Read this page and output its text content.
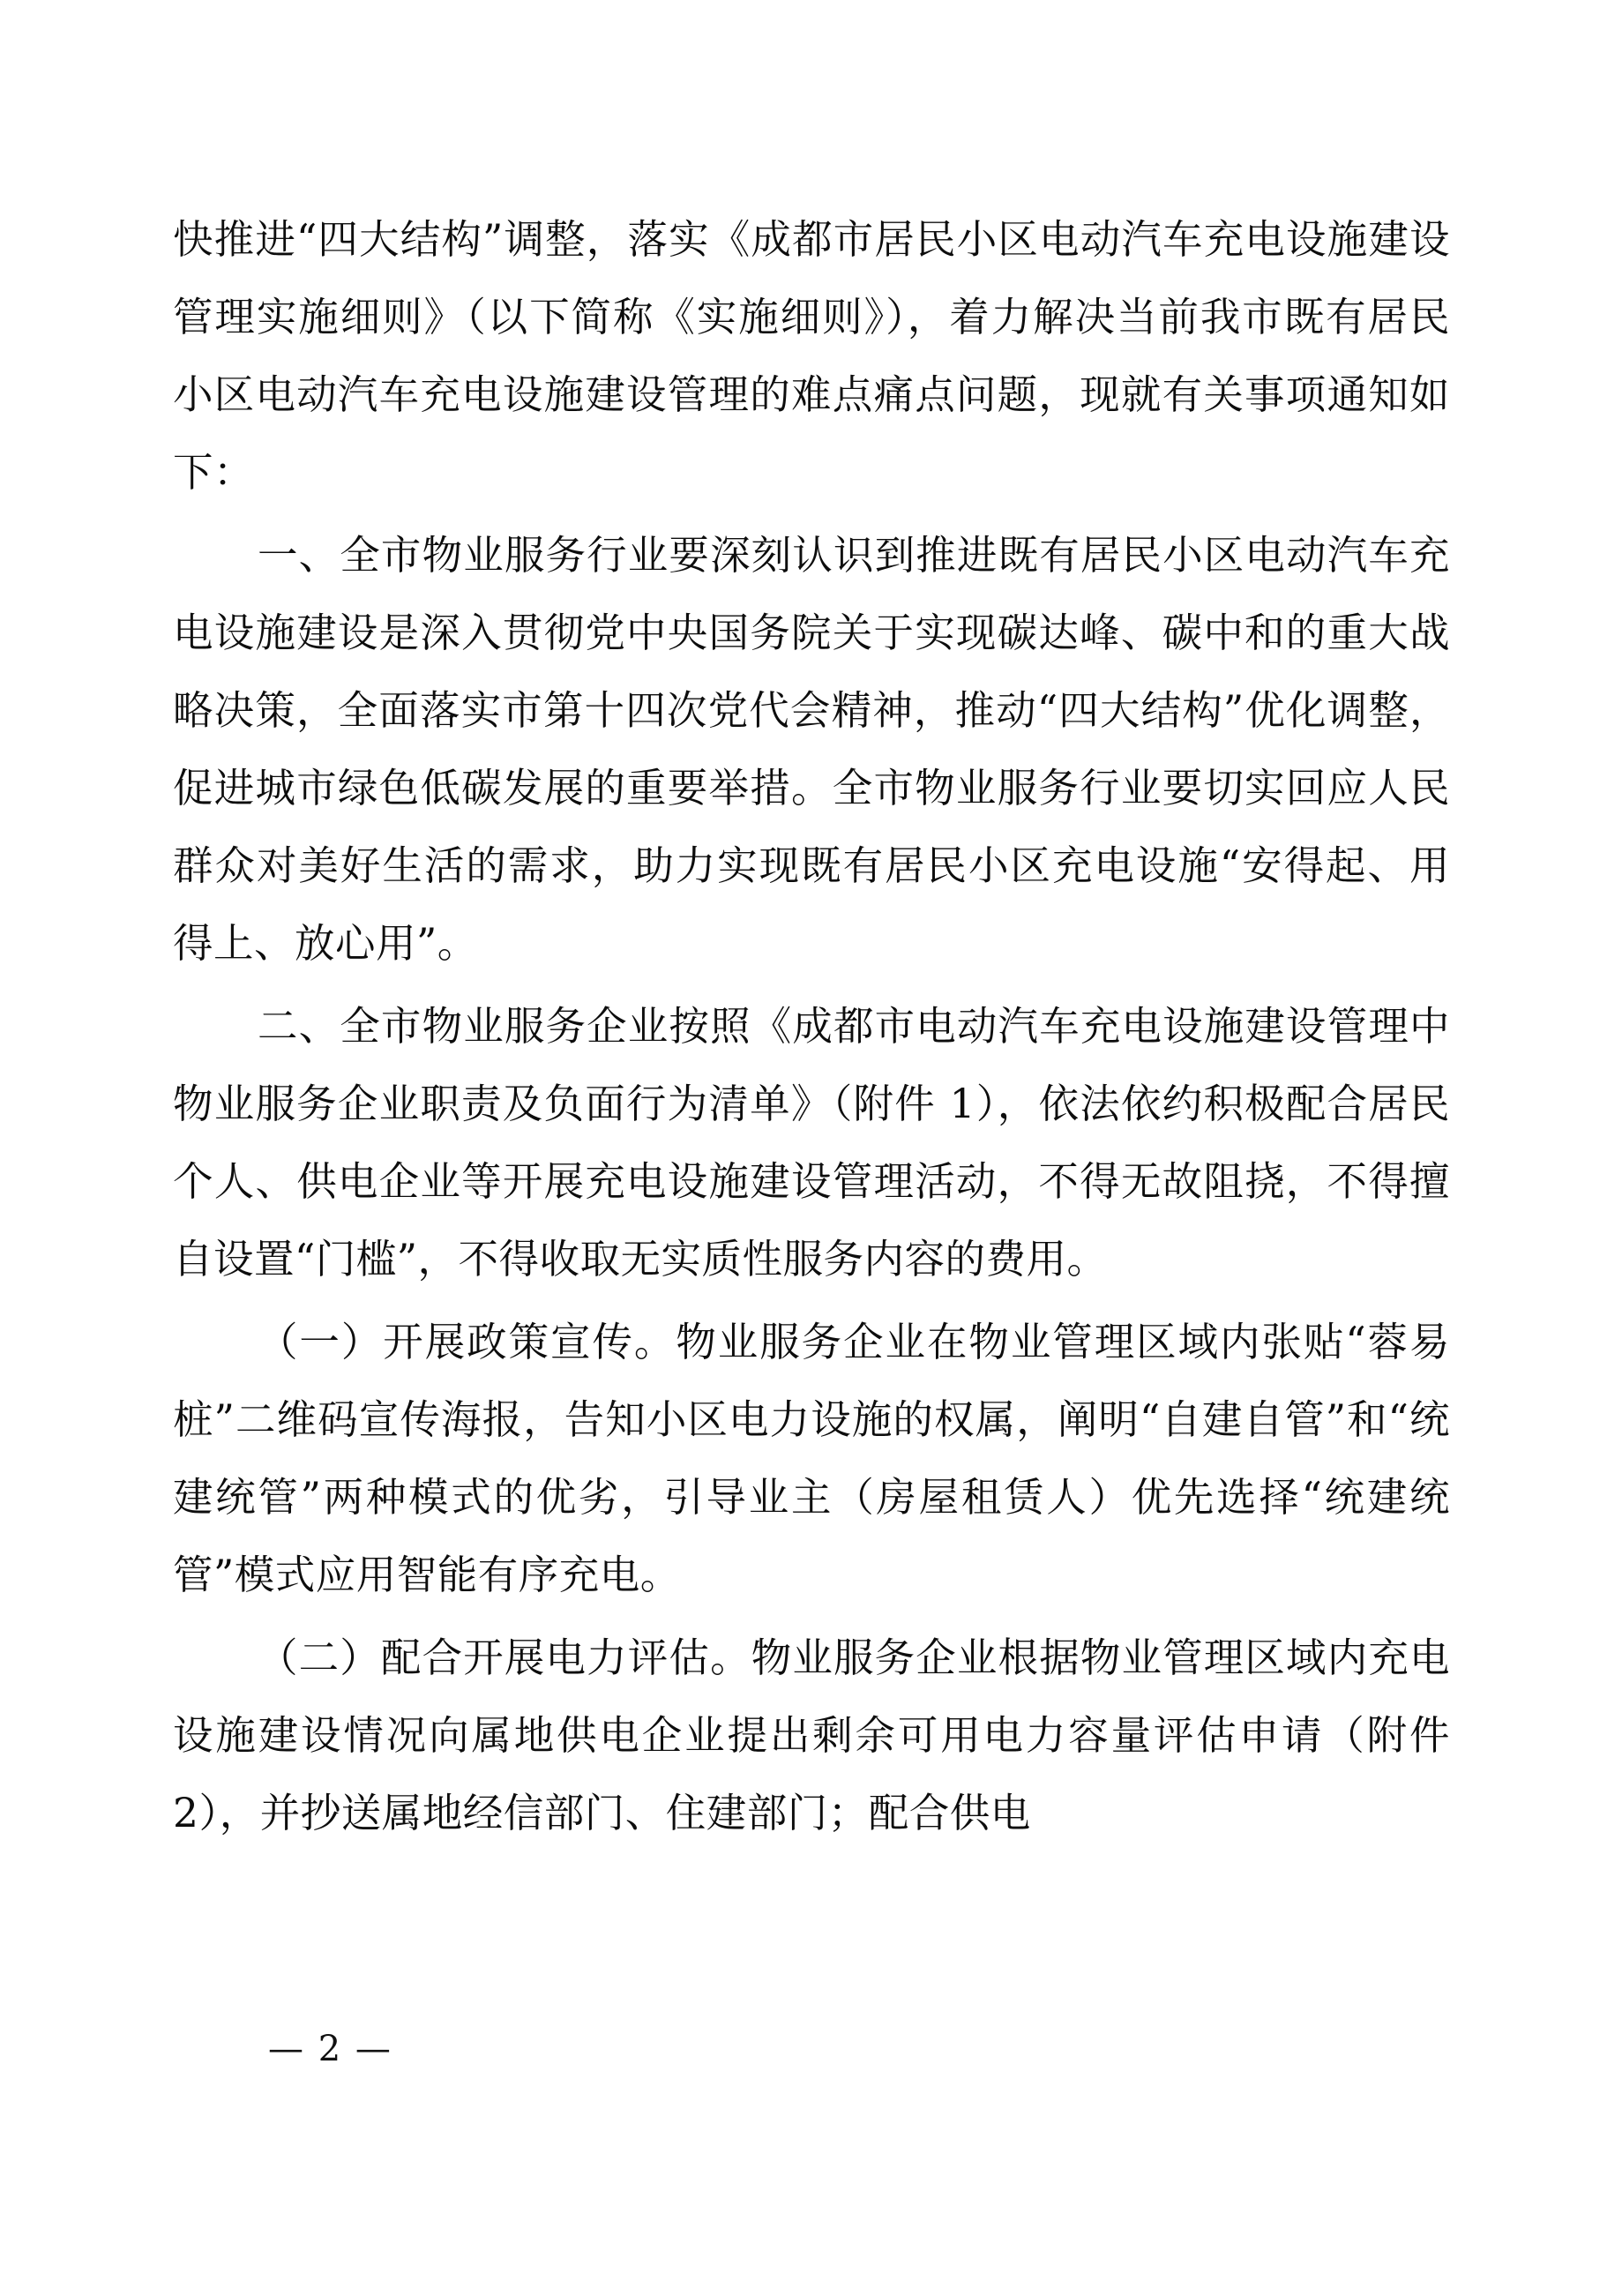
快推进“四大结构”调整，落实《成都市居民小区电动汽车充电设施建设管理实施细则》（以下简称《实施细则》），着力解决当前我市既有居民小区电动汽车充电设施建设管理的难点痛点问题，现就有关事项通知如下：

一、全市物业服务行业要深刻认识到推进既有居民小区电动汽车充电设施建设是深入贯彻党中央国务院关于实现碳达峰、碳中和的重大战略决策，全面落实市第十四次党代会精神，推动“四大结构”优化调整，促进城市绿色低碳发展的重要举措。全市物业服务行业要切实回应人民群众对美好生活的需求，助力实现既有居民小区充电设施“安得起、用得上、放心用”。

二、全市物业服务企业按照《成都市电动汽车充电设施建设管理中物业服务企业职责及负面行为清单》（附件 1），依法依约积极配合居民个人、供电企业等开展充电设施建设管理活动，不得无故阻挠，不得擅自设置“门槛”，不得收取无实质性服务内容的费用。

（一）开展政策宣传。物业服务企业在物业管理区域内张贴“蓉易桩”二维码宣传海报，告知小区电力设施的权属，阐明“自建自管”和“统建统管”两种模式的优劣，引导业主（房屋租赁人）优先选择“统建统管”模式应用智能有序充电。

（二）配合开展电力评估。物业服务企业根据物业管理区域内充电设施建设情况向属地供电企业提出剩余可用电力容量评估申请（附件 2），并抄送属地经信部门、住建部门；配合供电

— 2 —
